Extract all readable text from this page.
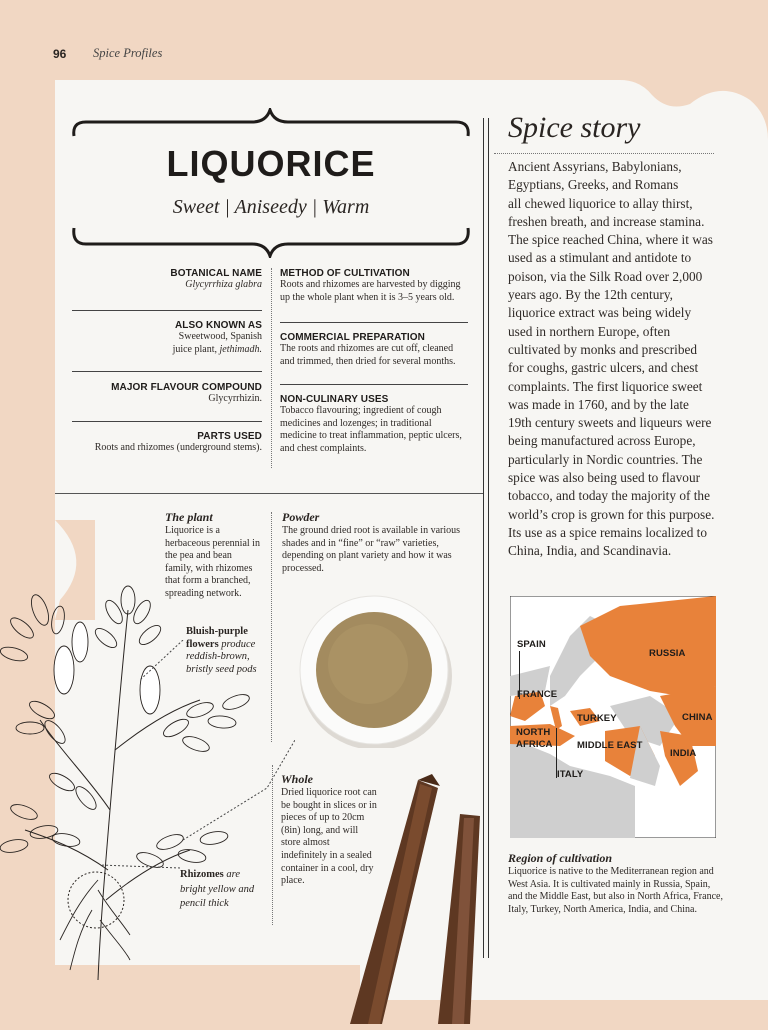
96 Spice Profiles
LIQUORICE
Sweet | Aniseedy | Warm
BOTANICAL NAME
Glycyrrhiza glabra
ALSO KNOWN AS
Sweetwood, Spanish
juice plant, jethimadh.
MAJOR FLAVOUR COMPOUND
Glycyrrhizin.
PARTS USED
Roots and rhizomes (underground stems).
METHOD OF CULTIVATION
Roots and rhizomes are harvested by digging up the whole plant when it is 3–5 years old.
COMMERCIAL PREPARATION
The roots and rhizomes are cut off, cleaned and trimmed, then dried for several months.
NON-CULINARY USES
Tobacco flavouring; ingredient of cough medicines and lozenges; in traditional medicine to treat inflammation, peptic ulcers, and chest complaints.
The plant
Liquorice is a herbaceous perennial in the pea and bean family, with rhizomes that form a branched, spreading network.
Bluish-purple flowers produce reddish-brown, bristly seed pods
Rhizomes are bright yellow and pencil thick
Powder
The ground dried root is available in various shades and in “fine” or “raw” varieties, depending on plant variety and how it was processed.
Whole
Dried liquorice root can be bought in slices or in pieces of up to 20cm (8in) long, and will store almost indefinitely in a sealed container in a cool, dry place.
Spice story
Ancient Assyrians, Babylonians,
Egyptians, Greeks, and Romans
all chewed liquorice to allay thirst,
freshen breath, and increase stamina.
The spice reached China, where it was
used as a stimulant and antidote to
poison, via the Silk Road over 2,000
years ago. By the 12th century,
liquorice extract was being widely
used in northern Europe, often
cultivated by monks and prescribed
for coughs, gastric ulcers, and chest
complaints. The first liquorice sweet
was made in 1760, and by the late
19th century sweets and liqueurs were
being manufactured across Europe,
particularly in Nordic countries. The
spice was also being used to flavour
tobacco, and today the majority of the
world’s crop is grown for this purpose.
Its use as a spice remains localized to
China, India, and Scandinavia.
SPAIN
RUSSIA
FRANCE
TURKEY	CHINA
NORTH AFRICA	MIDDLE EAST
INDIA
ITALY
Region of cultivation
Liquorice is native to the Mediterranean region and West Asia. It is cultivated mainly in Russia, Spain, and the Middle East, but also in North Africa, France, Italy, Turkey, North America, India, and China.
